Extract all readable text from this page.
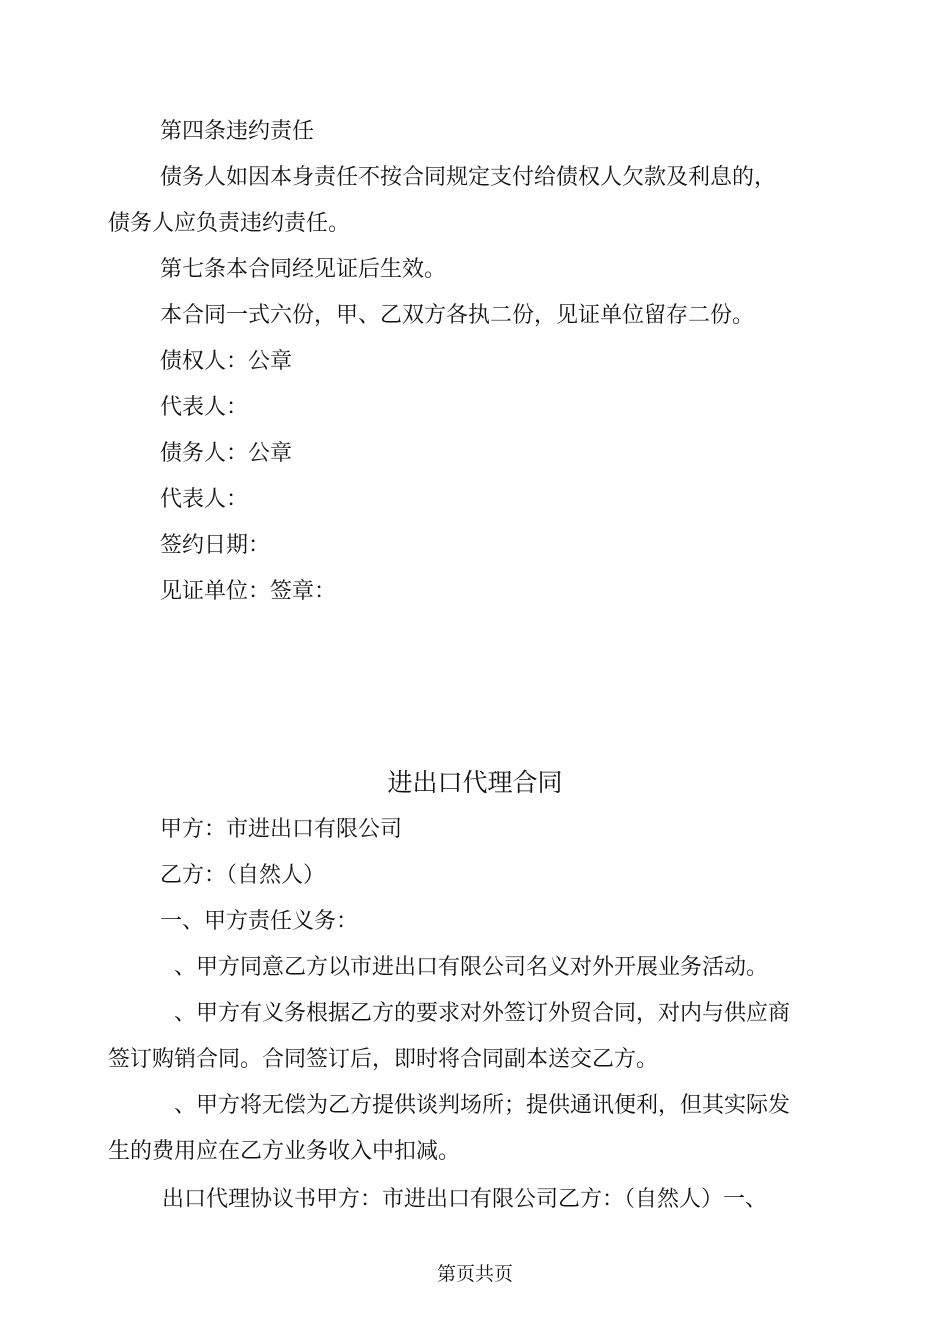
第四条违约责任
债务人如因本身责任不按合同规定支付给债权人欠款及利息的，
债务人应负责违约责任。
第七条本合同经见证后生效。
本合同一式六份，甲、乙双方各执二份，见证单位留存二份。
债权人：公章
代表人：
债务人：公章
代表人：
签约日期：
见证单位：签章：
进出口代理合同
甲方：市进出口有限公司
乙方：（自然人）
一、甲方责任义务：
、甲方同意乙方以市进出口有限公司名义对外开展业务活动。
、甲方有义务根据乙方的要求对外签订外贸合同，对内与供应商
签订购销合同。合同签订后，即时将合同副本送交乙方。
、甲方将无偿为乙方提供谈判场所；提供通讯便利，但其实际发
生的费用应在乙方业务收入中扣减。
出口代理协议书甲方：市进出口有限公司乙方：（自然人）一、
第页共页
